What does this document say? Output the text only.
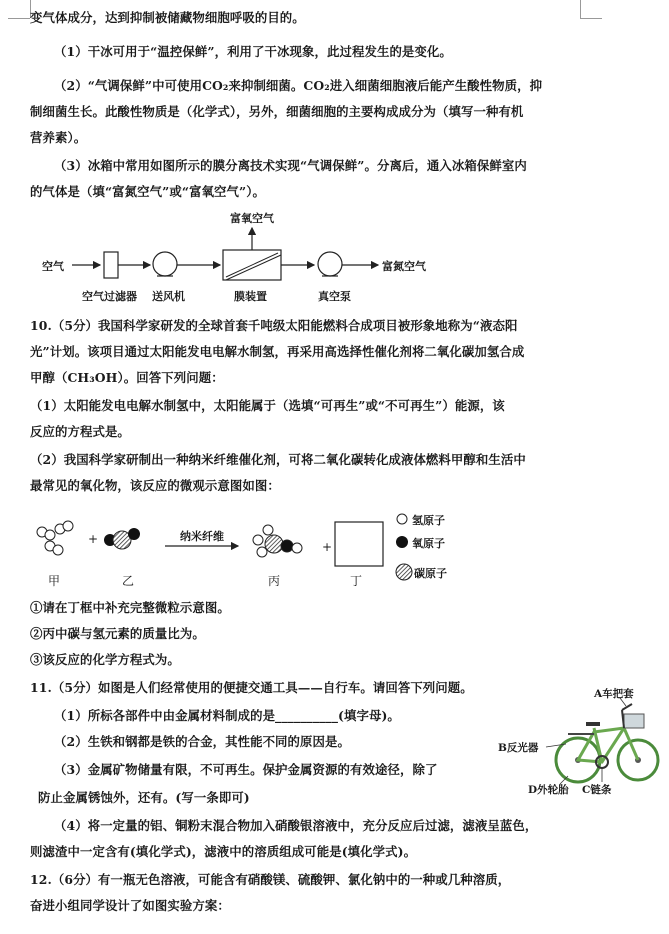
变气体成分，达到抑制被储藏物细胞呼吸的目的。
（1）干冰可用于“温控保鲜”，利用了干冰现象，此过程发生的是变化。
（2）“气调保鲜”中可使用CO₂来抑制细菌。CO₂进入细菌细胞液后能产生酸性物质，抑
制细菌生长。此酸性物质是（化学式），另外，细菌细胞的主要构成成分为（填写一种有机
营养素）。
（3）冰箱中常用如图所示的膜分离技术实现“气调保鲜”。分离后，通入冰箱保鲜室内
的气体是（填“富氮空气”或“富氧空气”）。
空气
空气过滤器 送风机	膜装置	真空泵
富氧空气
富氮空气
10.（5分）我国科学家研发的全球首套千吨级太阳能燃料合成项目被形象地称为“液态阳
光”计划。该项目通过太阳能发电电解水制氢，再采用高选择性催化剂将二氧化碳加氢合成
甲醇（CH₃OH）。回答下列问题：
（1）太阳能发电电解水制氢中，太阳能属于（选填“可再生”或“不可再生”）能源，该
反应的方程式是。
（2）我国科学家研制出一种纳米纤维催化剂，可将二氧化碳转化成液体燃料甲醇和生活中
最常见的氧化物，该反应的微观示意图如图：
+
+
纳米纤维
甲	乙	丙	丁
氢原子
氧原子
碳原子
①请在丁框中补充完整微粒示意图。
②丙中碳与氢元素的质量比为。
③该反应的化学方程式为。
11.（5分）如图是人们经常使用的便捷交通工具——自行车。请回答下列问题。
（1）所标各部件中由金属材料制成的是__________(填字母)。
（2）生铁和钢都是铁的合金，其性能不同的原因是。
（3）金属矿物储量有限，不可再生。保护金属资源的有效途径，除了
防止金属锈蚀外，还有。(写一条即可)
（4）将一定量的铝、铜粉末混合物加入硝酸银溶液中，充分反应后过滤，滤液呈蓝色，
则滤渣中一定含有(填化学式)，滤液中的溶质组成可能是(填化学式)。
A车把套
B反光器
D外轮胎 C链条
12.（6分）有一瓶无色溶液，可能含有硝酸镁、硫酸钾、氯化钠中的一种或几种溶质，
奋进小组同学设计了如图实验方案：
